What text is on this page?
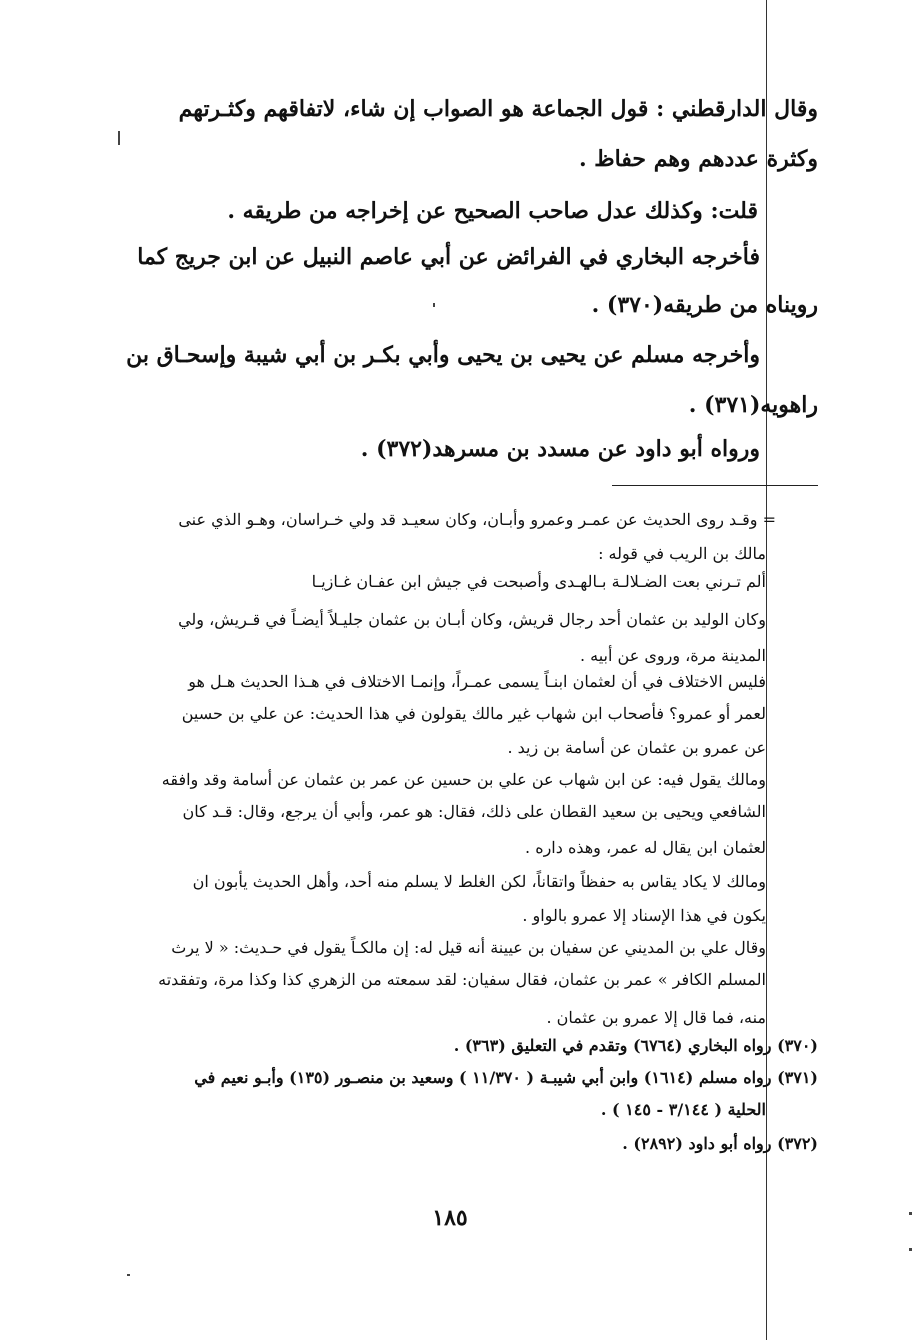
وقال الدارقطني : قول الجماعة هو الصواب إن شاء، لاتفاقهم وكثـرتهم
وكثرة عددهم وهم حفاظ .
قلت: وكذلك عدل صاحب الصحيح عن إخراجه من طريقه .
فأخرجه البخاري في الفرائض عن أبي عاصم النبيل عن ابن جريج كما
رويناه من طريقه(٣٧٠) .
وأخرجه مسلم عن يحيى بن يحيى وأبي بكـر بن أبي شيبة وإسحـاق بن
راهويه(٣٧١) .
ورواه أبو داود عن مسدد بن مسرهد(٣٧٢) .
= وقـد روى الحديث عن عمـر وعمرو وأبـان، وكان سعيـد قد ولي خـراسان، وهـو الذي عنى
مالك بن الريب في قوله :
ألم تـرني بعت الضـلالـة بـالهـدى وأصبحت في جيش ابن عفـان غـازيـا
وكان الوليد بن عثمان أحد رجال قريش، وكان أبـان بن عثمان جليـلاً أيضـاً في قـريش، ولي
المدينة مرة، وروى عن أبيه .
فليس الاختلاف في أن لعثمان ابنـاً يسمى عمـراً، وإنمـا الاختلاف في هـذا الحديث هـل هو
لعمر أو عمرو؟ فأصحاب ابن شهاب غير مالك يقولون في هذا الحديث: عن علي بن حسين
عن عمرو بن عثمان عن أسامة بن زيد .
ومالك يقول فيه: عن ابن شهاب عن علي بن حسين عن عمر بن عثمان عن أسامة وقد وافقه
الشافعي ويحيى بن سعيد القطان على ذلك، فقال: هو عمر، وأبي أن يرجع، وقال: قـد كان
لعثمان ابن يقال له عمر، وهذه داره .
ومالك لا يكاد يقاس به حفظاً واتقاناً، لكن الغلط لا يسلم منه أحد، وأهل الحديث يأبون ان
يكون في هذا الإسناد إلا عمرو بالواو .
وقال علي بن المديني عن سفيان بن عيينة أنه قيل له: إن مالكـاً يقول في حـديث: « لا يرث
المسلم الكافر » عمر بن عثمان، فقال سفيان: لقد سمعته من الزهري كذا وكذا مرة، وتفقدته
منه، فما قال إلا عمرو بن عثمان .
(٣٧٠) رواه البخاري (٦٧٦٤) وتقدم في التعليق (٣٦٣) .
(٣٧١) رواه مسلم (١٦١٤) وابن أبي شيبـة ( ١١/٣٧٠ ) وسعيد بن منصـور (١٣٥) وأبـو نعيم في
الحلية ( ٣/١٤٤ - ١٤٥ ) .
(٣٧٢) رواه أبو داود (٢٨٩٢) .
١٨٥
